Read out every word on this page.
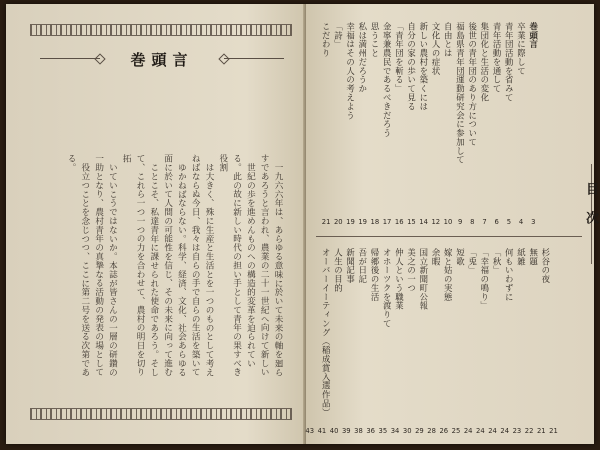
巻頭言

一九六六年は、あらゆる意味に於いて未来の軸を廻らすであろうと言われ、農業の二十一世紀へ向けて新しい

世紀の歩を進めんものへの構造的変革を迫られている。此の故に新しい時代の担い手として青年の果すべき役割

は大きく、殊に生産と生活とを一つのものとして考えねばならぬ今日、我々は自らの手で自らの生活を築いて

ゆかねばならない。科学、経済、文化、社会あらゆる面に於いて人間の可能性を信じ、その未来に向って進む

ことこそ、私達青年に課せられた使命であろう。そして、これら一つ一つの力を合わせて、農村の明日を切り拓

いていこうではないか。本誌が皆さんの一層の研鑽の一助となり、農村青年の真摯なる活動の発表の場として

役立つことを念じつつ、ここに第二号を送る次第である。

巻頭言
卒業に際して
青年団活動を省みて
青年活動を通して
集団化と生活の変化
後世の青年団のあり方について
福島県青年団運動研究会に参加して
自由とは
文化人の症状
新しい農村を築くには
自分の家の歩いて見る
「青年団を斬る」
金寧兼農民であるべきだろう
思うこと
私は満州だろうか
幸福はその人の考えよう
「詩」
こだわり
3
4
5
6
7
8
9
10
12
14
15
16
17
18
19
19
20
21	目次
杉谷の夜
無題
紙雑
何もいわずに
「秋」
「幸福の鳴り」
「兎」
短歌
嫁と姑の実態
余暇
国立新聞町公報
美之の一つ
仲人という職業
オホーツクを渡りて
帰郷後の生活
吾が日記
新聞記事
人生の目的
オーバーイーティング（稲成賞入選作品）
21
21
22
23
24
24
24
24
25
26
28
29
30
34
35
36
38
39
40
41
43
